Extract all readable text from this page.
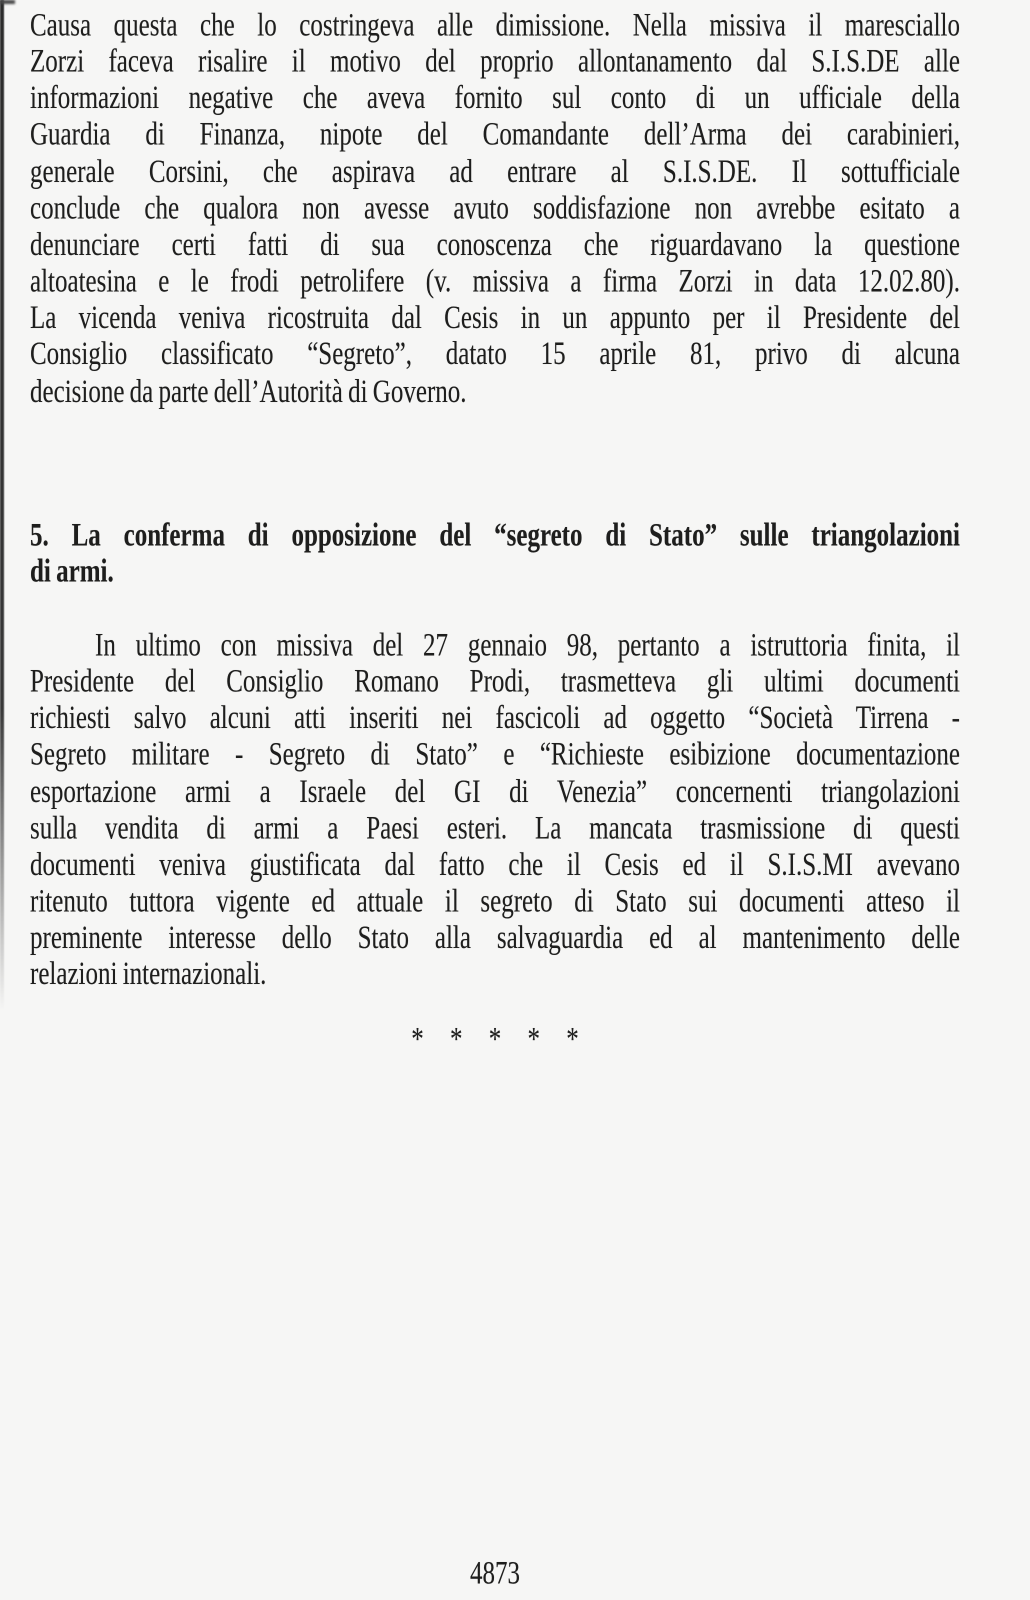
Causa questa che lo costringeva alle dimissione. Nella missiva il maresciallo
Zorzi faceva risalire il motivo del proprio allontanamento dal S.I.S.DE alle
informazioni negative che aveva fornito sul conto di un ufficiale della
Guardia di Finanza, nipote del Comandante dell’Arma dei carabinieri,
generale Corsini, che aspirava ad entrare al S.I.S.DE. Il sottufficiale
conclude che qualora non avesse avuto soddisfazione non avrebbe esitato a
denunciare certi fatti di sua conoscenza che riguardavano la questione
altoatesina e le frodi petrolifere (v. missiva a firma Zorzi in data 12.02.80).
La vicenda veniva ricostruita dal Cesis in un appunto per il Presidente del
Consiglio classificato “Segreto”, datato 15 aprile 81, privo di alcuna
decisione da parte dell’Autorità di Governo.
5. La conferma di opposizione del “segreto di Stato” sulle triangolazioni
di armi.
In ultimo con missiva del 27 gennaio 98, pertanto a istruttoria finita, il
Presidente del Consiglio Romano Prodi, trasmetteva gli ultimi documenti
richiesti salvo alcuni atti inseriti nei fascicoli ad oggetto “Società Tirrena -
Segreto militare - Segreto di Stato” e “Richieste esibizione documentazione
esportazione armi a Israele del GI di Venezia” concernenti triangolazioni
sulla vendita di armi a Paesi esteri. La mancata trasmissione di questi
documenti veniva giustificata dal fatto che il Cesis ed il S.I.S.MI avevano
ritenuto tuttora vigente ed attuale il segreto di Stato sui documenti atteso il
preminente interesse dello Stato alla salvaguardia ed al mantenimento delle
relazioni internazionali.
* * * * *
4873
